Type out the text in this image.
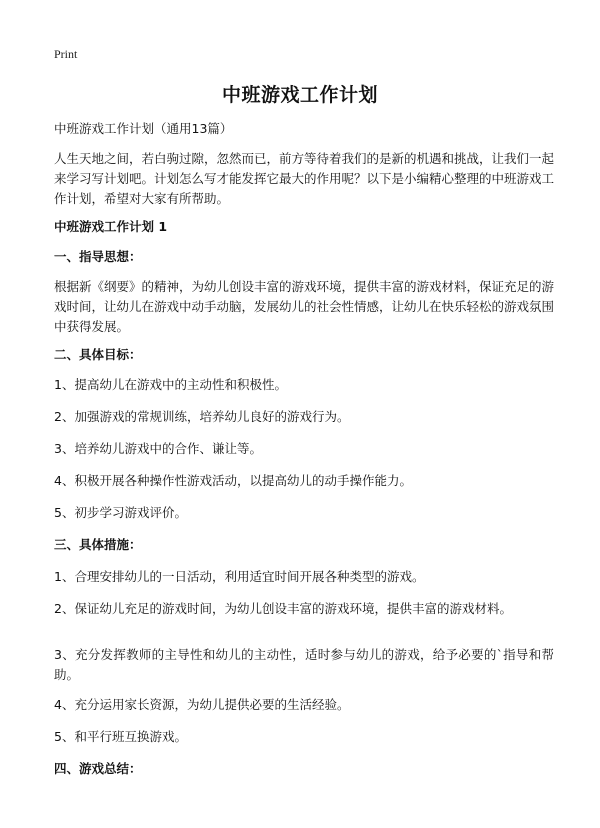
Print
中班游戏工作计划

中班游戏工作计划（通用13篇）

人生天地之间，若白驹过隙，忽然而已，前方等待着我们的是新的机遇和挑战，让我们一起来学习写计划吧。计划怎么写才能发挥它最大的作用呢？以下是小编精心整理的中班游戏工作计划，希望对大家有所帮助。

中班游戏工作计划 1

一、指导思想：

根据新《纲要》的精神，为幼儿创设丰富的游戏环境，提供丰富的游戏材料，保证充足的游戏时间，让幼儿在游戏中动手动脑，发展幼儿的社会性情感，让幼儿在快乐轻松的游戏氛围中获得发展。

二、具体目标：

1、提高幼儿在游戏中的主动性和积极性。

2、加强游戏的常规训练，培养幼儿良好的游戏行为。

3、培养幼儿游戏中的合作、谦让等。

4、积极开展各种操作性游戏活动，以提高幼儿的动手操作能力。

5、初步学习游戏评价。

三、具体措施：

1、合理安排幼儿的一日活动，利用适宜时间开展各种类型的游戏。

2、保证幼儿充足的游戏时间，为幼儿创设丰富的游戏环境，提供丰富的游戏材料。

3、充分发挥教师的主导性和幼儿的主动性，适时参与幼儿的游戏，给予必要的`指导和帮助。

4、充分运用家长资源，为幼儿提供必要的生活经验。

5、和平行班互换游戏。

四、游戏总结：
